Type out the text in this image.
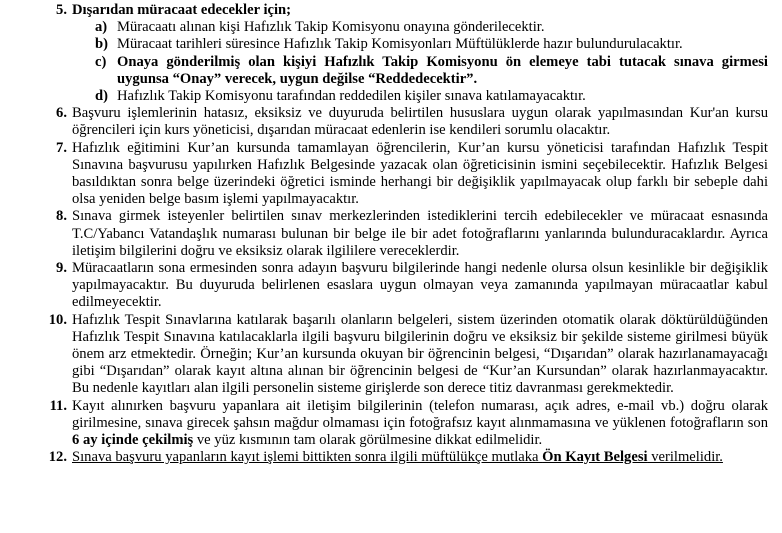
5. Dışarıdan müracaat edecekler için;
a) Müracaatı alınan kişi Hafızlık Takip Komisyonu onayına gönderilecektir.
b) Müracaat tarihleri süresince Hafızlık Takip Komisyonları Müftülüklerde hazır bulundurulacaktır.
c) Onaya gönderilmiş olan kişiyi Hafızlık Takip Komisyonu ön elemeye tabi tutacak sınava girmesi uygunsa “Onay” verecek, uygun değilse “Reddedecektir”.
d) Hafızlık Takip Komisyonu tarafından reddedilen kişiler sınava katılamayacaktır.
6. Başvuru işlemlerinin hatasız, eksiksiz ve duyuruda belirtilen hususlara uygun olarak yapılmasından Kur'an kursu öğrencileri için kurs yöneticisi, dışarıdan müracaat edenlerin ise kendileri sorumlu olacaktır.
7. Hafızlık eğitimini Kur’an kursunda tamamlayan öğrencilerin, Kur’an kursu yöneticisi tarafından Hafızlık Tespit Sınavına başvurusu yapılırken Hafızlık Belgesinde yazacak olan öğreticisinin ismini seçebilecektir. Hafızlık Belgesi basıldıktan sonra belge üzerindeki öğretici isminde herhangi bir değişiklik yapılmayacak olup farklı bir sebeple dahi olsa yeniden belge basım işlemi yapılmayacaktır.
8. Sınava girmek isteyenler belirtilen sınav merkezlerinden istediklerini tercih edebilecekler ve müracaat esnasında T.C/Yabancı Vatandaşlık numarası bulunan bir belge ile bir adet fotoğraflarını yanlarında bulunduracaklardır. Ayrıca iletişim bilgilerini doğru ve eksiksiz olarak ilgililere vereceklerdir.
9. Müracaatların sona ermesinden sonra adayın başvuru bilgilerinde hangi nedenle olursa olsun kesinlikle bir değişiklik yapılmayacaktır. Bu duyuruda belirlenen esaslara uygun olmayan veya zamanında yapılmayan müracaatlar kabul edilmeyecektir.
10. Hafızlık Tespit Sınavlarına katılarak başarılı olanların belgeleri, sistem üzerinden otomatik olarak döktürüldüğünden Hafızlık Tespit Sınavına katılacaklarla ilgili başvuru bilgilerinin doğru ve eksiksiz bir şekilde sisteme girilmesi büyük önem arz etmektedir. Örneğin; Kur’an kursunda okuyan bir öğrencinin belgesi, “Dışarıdan” olarak hazırlanamayacağı gibi “Dışarıdan” olarak kayıt altına alınan bir öğrencinin belgesi de “Kur’an Kursundan” olarak hazırlanmayacaktır. Bu nedenle kayıtları alan ilgili personelin sisteme girişlerde son derece titiz davranması gerekmektedir.
11. Kayıt alınırken başvuru yapanlara ait iletişim bilgilerinin (telefon numarası, açık adres, e-mail vb.) doğru olarak girilmesine, sınava girecek şahsın mağdur olmaması için fotoğrafsız kayıt alınmamasına ve yüklenen fotoğrafların son 6 ay içinde çekilmiş ve yüz kısmının tam olarak görülmesine dikkat edilmelidir.
12. Sınava başvuru yapanların kayıt işlemi bittikten sonra ilgili müftülükçe mutlaka Ön Kayıt Belgesi verilmelidir.
